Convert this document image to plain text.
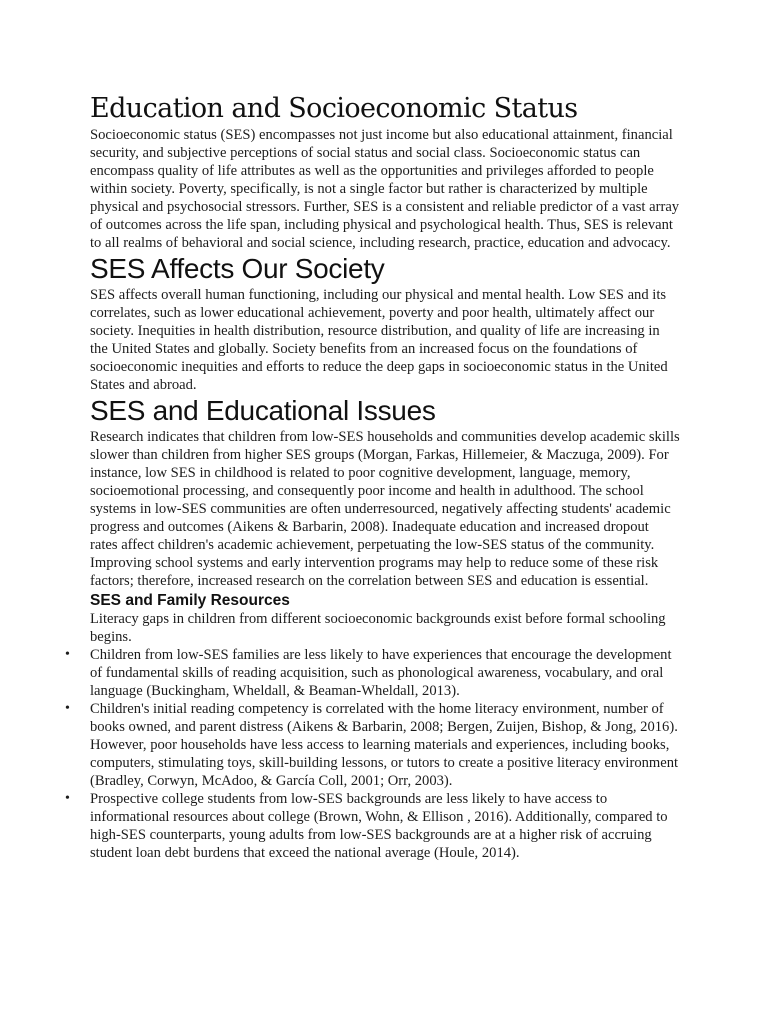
Education and Socioeconomic Status

Socioeconomic status (SES) encompasses not just income but also educational attainment, financial security, and subjective perceptions of social status and social class. Socioeconomic status can encompass quality of life attributes as well as the opportunities and privileges afforded to people within society. Poverty, specifically, is not a single factor but rather is characterized by multiple physical and psychosocial stressors. Further, SES is a consistent and reliable predictor of a vast array of outcomes across the life span, including physical and psychological health. Thus, SES is relevant to all realms of behavioral and social science, including research, practice, education and advocacy.

SES Affects Our Society

SES affects overall human functioning, including our physical and mental health. Low SES and its correlates, such as lower educational achievement, poverty and poor health, ultimately affect our society. Inequities in health distribution, resource distribution, and quality of life are increasing in the United States and globally. Society benefits from an increased focus on the foundations of socioeconomic inequities and efforts to reduce the deep gaps in socioeconomic status in the United States and abroad.

SES and Educational Issues

Research indicates that children from low-SES households and communities develop academic skills slower than children from higher SES groups (Morgan, Farkas, Hillemeier, & Maczuga, 2009). For instance, low SES in childhood is related to poor cognitive development, language, memory, socioemotional processing, and consequently poor income and health in adulthood. The school systems in low-SES communities are often underresourced, negatively affecting students' academic progress and outcomes (Aikens & Barbarin, 2008). Inadequate education and increased dropout rates affect children's academic achievement, perpetuating the low-SES status of the community. Improving school systems and early intervention programs may help to reduce some of these risk factors; therefore, increased research on the correlation between SES and education is essential.

SES and Family Resources

Literacy gaps in children from different socioeconomic backgrounds exist before formal schooling begins.

• Children from low-SES families are less likely to have experiences that encourage the development of fundamental skills of reading acquisition, such as phonological awareness, vocabulary, and oral language (Buckingham, Wheldall, & Beaman-Wheldall, 2013).
• Children's initial reading competency is correlated with the home literacy environment, number of books owned, and parent distress (Aikens & Barbarin, 2008; Bergen, Zuijen, Bishop, & Jong, 2016). However, poor households have less access to learning materials and experiences, including books, computers, stimulating toys, skill-building lessons, or tutors to create a positive literacy environment (Bradley, Corwyn, McAdoo, & García Coll, 2001; Orr, 2003).
• Prospective college students from low-SES backgrounds are less likely to have access to informational resources about college (Brown, Wohn, & Ellison , 2016). Additionally, compared to high-SES counterparts, young adults from low-SES backgrounds are at a higher risk of accruing student loan debt burdens that exceed the national average (Houle, 2014).
